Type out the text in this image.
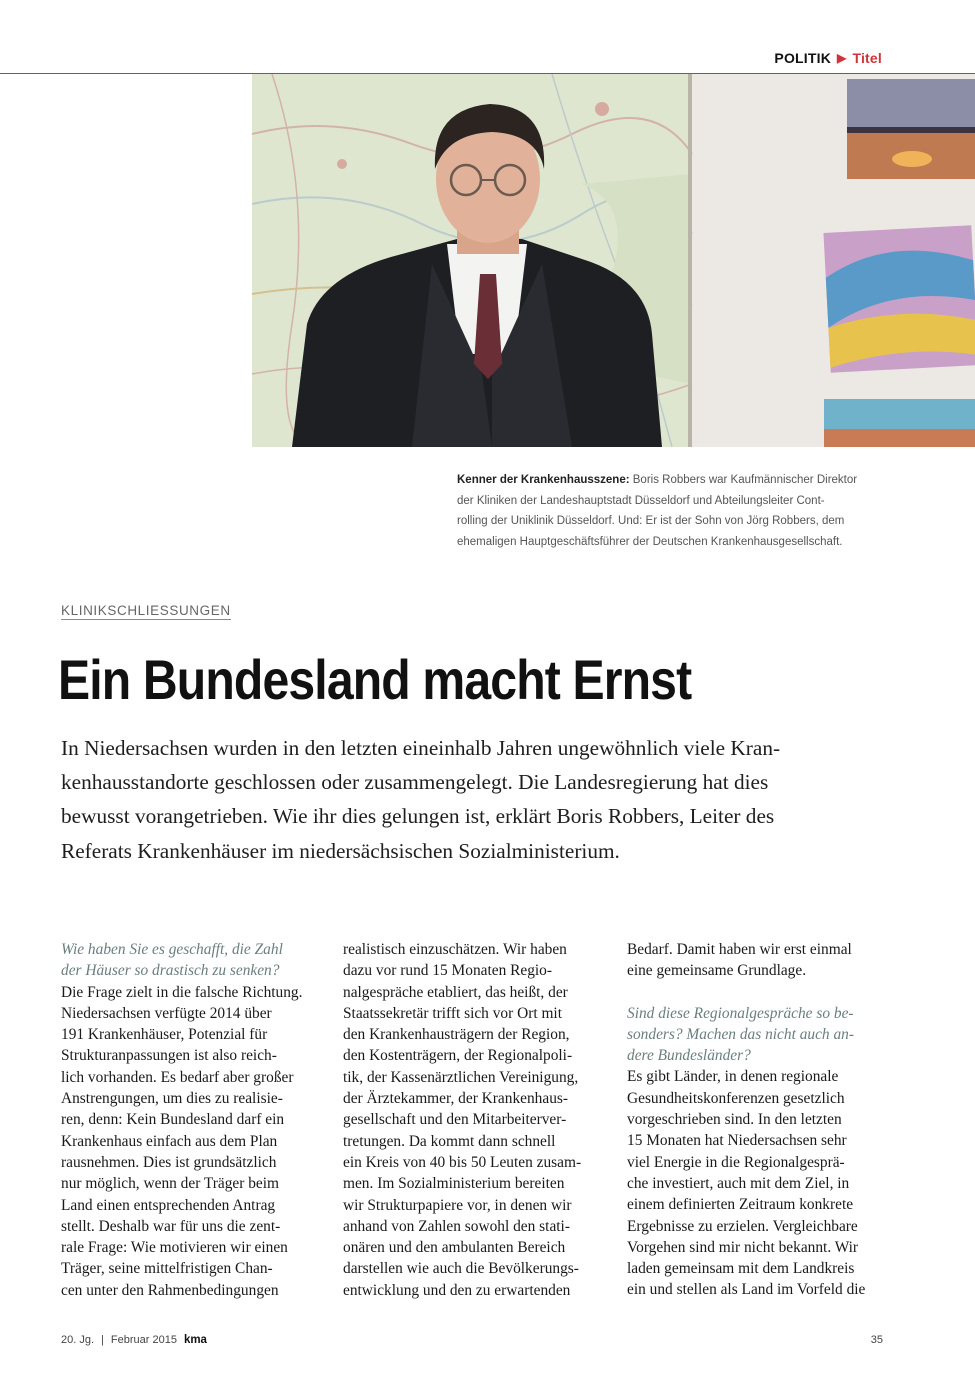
POLITIK ▶ Titel
Kenner der Krankenhausszene: Boris Robbers war Kaufmännischer Direktor
der Kliniken der Landeshauptstadt Düsseldorf und Abteilungsleiter Cont-
rolling der Uniklinik Düsseldorf. Und: Er ist der Sohn von Jörg Robbers, dem
ehemaligen Hauptgeschäftsführer der Deutschen Krankenhausgesellschaft.
KLINIKSCHLIESSUNGEN
Ein Bundesland macht Ernst
In Niedersachsen wurden in den letzten eineinhalb Jahren ungewöhnlich viele Kran-
kenhausstandorte geschlossen oder zusammengelegt. Die Landesregierung hat dies
bewusst vorangetrieben. Wie ihr dies gelungen ist, erklärt Boris Robbers, Leiter des
Referats Krankenhäuser im niedersächsischen Sozialministerium.
Wie haben Sie es geschafft, die Zahl
der Häuser so drastisch zu senken?
Die Frage zielt in die falsche Richtung.
Niedersachsen verfügte 2014 über
191 Krankenhäuser, Potenzial für
Strukturanpassungen ist also reich-
lich vorhanden. Es bedarf aber großer
Anstrengungen, um dies zu realisie-
ren, denn: Kein Bundesland darf ein
Krankenhaus einfach aus dem Plan
rausnehmen. Dies ist grundsätzlich
nur möglich, wenn der Träger beim
Land einen entsprechenden Antrag
stellt. Deshalb war für uns die zent-
rale Frage: Wie motivieren wir einen
Träger, seine mittelfristigen Chan-
cen unter den Rahmenbedingungen
realistisch einzuschätzen. Wir haben
dazu vor rund 15 Monaten Regio-
nalgespräche etabliert, das heißt, der
Staatssekretär trifft sich vor Ort mit
den Krankenhausträgern der Region,
den Kostenträgern, der Regionalpoli-
tik, der Kassenärztlichen Vereinigung,
der Ärztekammer, der Krankenhaus-
gesellschaft und den Mitarbeiterver-
tretungen. Da kommt dann schnell
ein Kreis von 40 bis 50 Leuten zusam-
men. Im Sozialministerium bereiten
wir Strukturpapiere vor, in denen wir
anhand von Zahlen sowohl den stati-
onären und den ambulanten Bereich
darstellen wie auch die Bevölkerungs-
entwicklung und den zu erwartenden
Bedarf. Damit haben wir erst einmal
eine gemeinsame Grundlage.
Sind diese Regionalgespräche so be-
sonders? Machen das nicht auch an-
dere Bundesländer?
Es gibt Länder, in denen regionale
Gesundheitskonferenzen gesetzlich
vorgeschrieben sind. In den letzten
15 Monaten hat Niedersachsen sehr
viel Energie in die Regionalgesprä-
che investiert, auch mit dem Ziel, in
einem definierten Zeitraum konkrete
Ergebnisse zu erzielen. Vergleichbare
Vorgehen sind mir nicht bekannt. Wir
laden gemeinsam mit dem Landkreis
ein und stellen als Land im Vorfeld die
20. Jg. | Februar 2015 kma	35
